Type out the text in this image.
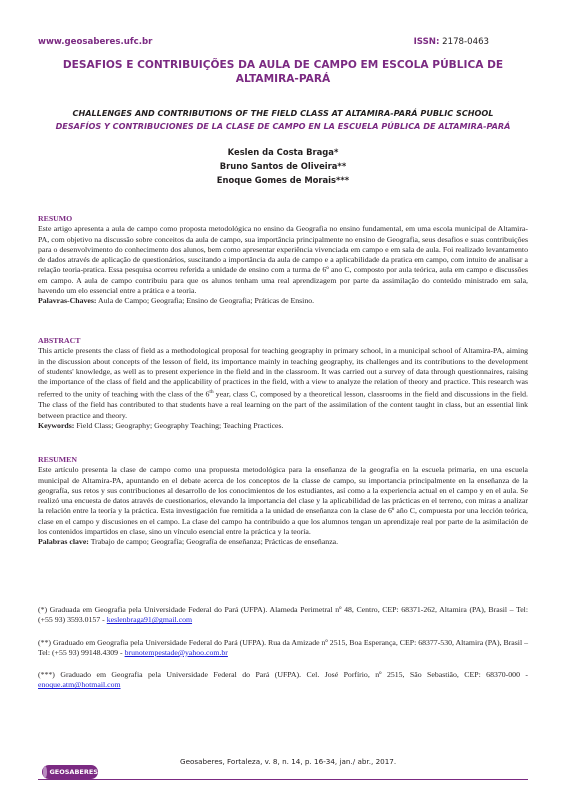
www.geosaberes.ufc.br	ISSN: 2178-0463
DESAFIOS E CONTRIBUIÇÕES DA AULA DE CAMPO EM ESCOLA PÚBLICA DE ALTAMIRA-PARÁ
CHALLENGES AND CONTRIBUTIONS OF THE FIELD CLASS AT ALTAMIRA-PARÁ PUBLIC SCHOOL
DESAFÍOS Y CONTRIBUCIONES DE LA CLASE DE CAMPO EN LA ESCUELA PÚBLICA DE ALTAMIRA-PARÁ
Keslen da Costa Braga*
Bruno Santos de Oliveira**
Enoque Gomes de Morais***
RESUMO

Este artigo apresenta a aula de campo como proposta metodológica no ensino da Geografia no ensino fundamental, em uma escola municipal de Altamira-PA, com objetivo na discussão sobre conceitos da aula de campo, sua importância principalmente no ensino de Geografia, seus desafios e suas contribuições para o desenvolvimento do conhecimento dos alunos, bem como apresentar experiência vivenciada em campo e em sala de aula. Foi realizado levantamento de dados através de aplicação de questionários, suscitando a importância da aula de campo e a aplicabilidade da pratica em campo, com intuito de analisar a relação teoria-pratica. Essa pesquisa ocorreu referida a unidade de ensino com a turma de 6º ano C, composto por aula teórica, aula em campo e discussões em campo. A aula de campo contribuiu para que os alunos tenham uma real aprendizagem por parte da assimilação do conteúdo ministrado em sala, havendo um elo essencial entre a prática e a teoria.

Palavras-Chaves: Aula de Campo; Geografia; Ensino de Geografia; Práticas de Ensino.

ABSTRACT

This article presents the class of field as a methodological proposal for teaching geography in primary school, in a municipal school of Altamira-PA, aiming in the discussion about concepts of the lesson of field, its importance mainly in teaching geography, its challenges and its contributions to the development of students' knowledge, as well as to present experience in the field and in the classroom. It was carried out a survey of data through questionnaires, raising the importance of the class of field and the applicability of practices in the field, with a view to analyze the relation of theory and practice. This research was referred to the unity of teaching with the class of the 6th year, class C, composed by a theoretical lesson, classrooms in the field and discussions in the field. The class of the field has contributed to that students have a real learning on the part of the assimilation of the content taught in class, but an essential link between practice and theory.

Keywords: Field Class; Geography; Geography Teaching; Teaching Practices.

RESUMEN

Este artículo presenta la clase de campo como una propuesta metodológica para la enseñanza de la geografía en la escuela primaria, en una escuela municipal de Altamira-PA, apuntando en el debate acerca de los conceptos de la classe de campo, su importancia principalmente en la enseñanza de la geografía, sus retos y sus contribuciones al desarrollo de los conocimientos de los estudiantes, así como a la experiencia actual en el campo y en el aula. Se realizó una encuesta de datos através de cuestionarios, elevando la importancia del clase y la aplicabilidad de las prácticas en el terreno, con miras a analizar la relación entre la teoría y la práctica. Esta investigación fue remitida a la unidad de enseñanza con la clase de 6º año C, compuesta por una lección teórica, clase en el campo y discusiones en el campo. La clase del campo ha contribuido a que los alumnos tengan un aprendizaje real por parte de la asimilación de los contenidos impartidos en clase, sino un vínculo esencial entre la práctica y la teoría.

Palabras clave: Trabajo de campo; Geografía; Geografía de enseñanza; Prácticas de enseñanza.

(*) Graduada em Geografia pela Universidade Federal do Pará (UFPA). Alameda Perimetral nº 48, Centro, CEP: 68371-262, Altamira (PA), Brasil – Tel: (+55 93) 3593.0157 - keslenbraga91@gmail.com

(**) Graduado em Geografia pela Universidade Federal do Pará (UFPA). Rua da Amizade nº 2515, Boa Esperança, CEP: 68377-530, Altamira (PA), Brasil – Tel: (+55 93) 99148.4309 - brunotempestade@yahoo.com.br

(***) Graduado em Geografia pela Universidade Federal do Pará (UFPA). Cel. José Porfírio, nº 2515, São Sebastião, CEP: 68370-000 - enoque.atm@hotmail.com

GEOSABERES
Geosaberes, Fortaleza, v. 8, n. 14, p. 16-34, jan./ abr., 2017.
